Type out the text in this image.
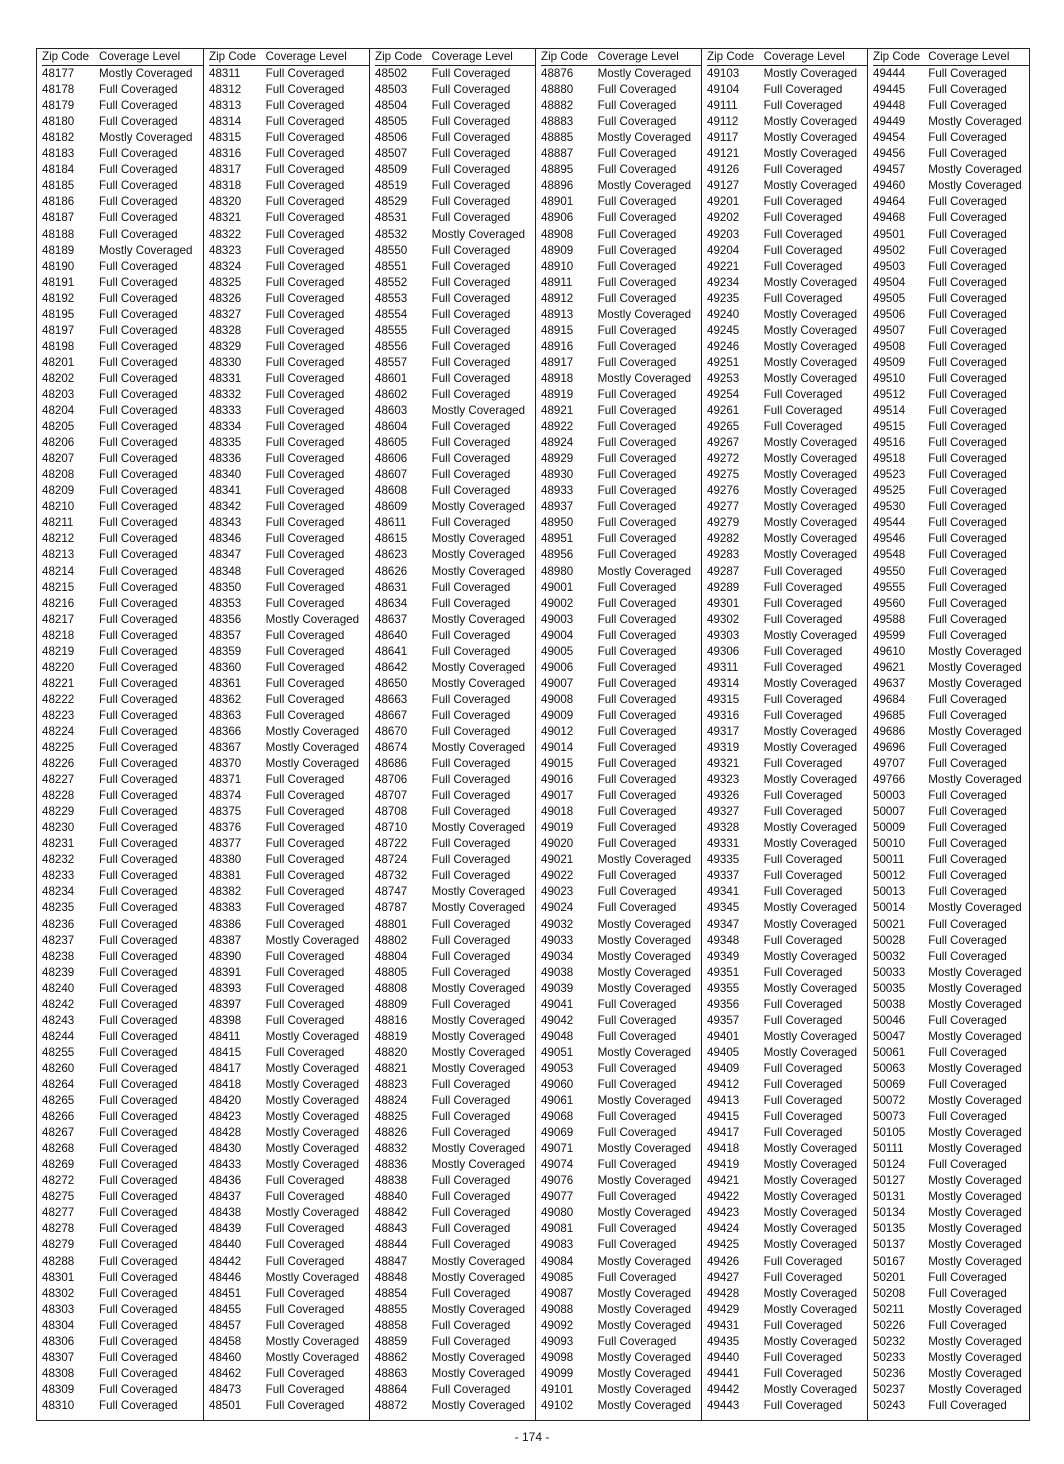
Zip Code Coverage Level
48177	Mostly Coveraged
48178	Full Coveraged
48179	Full Coveraged
48180	Full Coveraged
48182	Mostly Coveraged
48183	Full Coveraged
48184	Full Coveraged
48185	Full Coveraged
48186	Full Coveraged
48187	Full Coveraged
48188	Full Coveraged
48189	Mostly Coveraged
48190	Full Coveraged
48191	Full Coveraged
48192	Full Coveraged
48195	Full Coveraged
48197	Full Coveraged
48198	Full Coveraged
48201	Full Coveraged
48202	Full Coveraged
48203	Full Coveraged
48204	Full Coveraged
48205	Full Coveraged
48206	Full Coveraged
48207	Full Coveraged
48208	Full Coveraged
48209	Full Coveraged
48210	Full Coveraged
48211	Full Coveraged
48212	Full Coveraged
48213	Full Coveraged
48214	Full Coveraged
48215	Full Coveraged
48216	Full Coveraged
48217	Full Coveraged
48218	Full Coveraged
48219	Full Coveraged
48220	Full Coveraged
48221	Full Coveraged
48222	Full Coveraged
48223	Full Coveraged
48224	Full Coveraged
48225	Full Coveraged
48226	Full Coveraged
48227	Full Coveraged
48228	Full Coveraged
48229	Full Coveraged
48230	Full Coveraged
48231	Full Coveraged
48232	Full Coveraged
48233	Full Coveraged
48234	Full Coveraged
48235	Full Coveraged
48236	Full Coveraged
48237	Full Coveraged
48238	Full Coveraged
48239	Full Coveraged
48240	Full Coveraged
48242	Full Coveraged
48243	Full Coveraged
48244	Full Coveraged
48255	Full Coveraged
48260	Full Coveraged
48264	Full Coveraged
48265	Full Coveraged
48266	Full Coveraged
48267	Full Coveraged
48268	Full Coveraged
48269	Full Coveraged
48272	Full Coveraged
48275	Full Coveraged
48277	Full Coveraged
48278	Full Coveraged
48279	Full Coveraged
48288	Full Coveraged
48301	Full Coveraged
48302	Full Coveraged
48303	Full Coveraged
48304	Full Coveraged
48306	Full Coveraged
48307	Full Coveraged
48308	Full Coveraged
48309	Full Coveraged
48310	Full Coveraged
Zip Code Coverage Level
48311	Full Coveraged
48312	Full Coveraged
48313	Full Coveraged
48314	Full Coveraged
48315	Full Coveraged
48316	Full Coveraged
48317	Full Coveraged
48318	Full Coveraged
48320	Full Coveraged
48321	Full Coveraged
48322	Full Coveraged
48323	Full Coveraged
48324	Full Coveraged
48325	Full Coveraged
48326	Full Coveraged
48327	Full Coveraged
48328	Full Coveraged
48329	Full Coveraged
48330	Full Coveraged
48331	Full Coveraged
48332	Full Coveraged
48333	Full Coveraged
48334	Full Coveraged
48335	Full Coveraged
48336	Full Coveraged
48340	Full Coveraged
48341	Full Coveraged
48342	Full Coveraged
48343	Full Coveraged
48346	Full Coveraged
48347	Full Coveraged
48348	Full Coveraged
48350	Full Coveraged
48353	Full Coveraged
48356	Mostly Coveraged
48357	Full Coveraged
48359	Full Coveraged
48360	Full Coveraged
48361	Full Coveraged
48362	Full Coveraged
48363	Full Coveraged
48366	Mostly Coveraged
48367	Mostly Coveraged
48370	Mostly Coveraged
48371	Full Coveraged
48374	Full Coveraged
48375	Full Coveraged
48376	Full Coveraged
48377	Full Coveraged
48380	Full Coveraged
48381	Full Coveraged
48382	Full Coveraged
48383	Full Coveraged
48386	Full Coveraged
48387	Mostly Coveraged
48390	Full Coveraged
48391	Full Coveraged
48393	Full Coveraged
48397	Full Coveraged
48398	Full Coveraged
48411	Mostly Coveraged
48415	Full Coveraged
48417	Mostly Coveraged
48418	Mostly Coveraged
48420	Mostly Coveraged
48423	Mostly Coveraged
48428	Mostly Coveraged
48430	Mostly Coveraged
48433	Mostly Coveraged
48436	Full Coveraged
48437	Full Coveraged
48438	Mostly Coveraged
48439	Full Coveraged
48440	Full Coveraged
48442	Full Coveraged
48446	Mostly Coveraged
48451	Full Coveraged
48455	Full Coveraged
48457	Full Coveraged
48458	Mostly Coveraged
48460	Mostly Coveraged
48462	Full Coveraged
48473	Full Coveraged
48501	Full Coveraged
Zip Code Coverage Level
48502	Full Coveraged
48503	Full Coveraged
48504	Full Coveraged
48505	Full Coveraged
48506	Full Coveraged
48507	Full Coveraged
48509	Full Coveraged
48519	Full Coveraged
48529	Full Coveraged
48531	Full Coveraged
48532	Mostly Coveraged
48550	Full Coveraged
48551	Full Coveraged
48552	Full Coveraged
48553	Full Coveraged
48554	Full Coveraged
48555	Full Coveraged
48556	Full Coveraged
48557	Full Coveraged
48601	Full Coveraged
48602	Full Coveraged
48603	Mostly Coveraged
48604	Full Coveraged
48605	Full Coveraged
48606	Full Coveraged
48607	Full Coveraged
48608	Full Coveraged
48609	Mostly Coveraged
48611	Full Coveraged
48615	Mostly Coveraged
48623	Mostly Coveraged
48626	Mostly Coveraged
48631	Full Coveraged
48634	Full Coveraged
48637	Mostly Coveraged
48640	Full Coveraged
48641	Full Coveraged
48642	Mostly Coveraged
48650	Mostly Coveraged
48663	Full Coveraged
48667	Full Coveraged
48670	Full Coveraged
48674	Mostly Coveraged
48686	Full Coveraged
48706	Full Coveraged
48707	Full Coveraged
48708	Full Coveraged
48710	Mostly Coveraged
48722	Full Coveraged
48724	Full Coveraged
48732	Full Coveraged
48747	Mostly Coveraged
48787	Mostly Coveraged
48801	Full Coveraged
48802	Full Coveraged
48804	Full Coveraged
48805	Full Coveraged
48808	Mostly Coveraged
48809	Full Coveraged
48816	Mostly Coveraged
48819	Mostly Coveraged
48820	Mostly Coveraged
48821	Mostly Coveraged
48823	Full Coveraged
48824	Full Coveraged
48825	Full Coveraged
48826	Full Coveraged
48832	Mostly Coveraged
48836	Mostly Coveraged
48838	Full Coveraged
48840	Full Coveraged
48842	Full Coveraged
48843	Full Coveraged
48844	Full Coveraged
48847	Mostly Coveraged
48848	Mostly Coveraged
48854	Full Coveraged
48855	Mostly Coveraged
48858	Full Coveraged
48859	Full Coveraged
48862	Mostly Coveraged
48863	Mostly Coveraged
48864	Full Coveraged
48872	Mostly Coveraged
Zip Code Coverage Level
48876	Mostly Coveraged
48880	Full Coveraged
48882	Full Coveraged
48883	Full Coveraged
48885	Mostly Coveraged
48887	Full Coveraged
48895	Full Coveraged
48896	Mostly Coveraged
48901	Full Coveraged
48906	Full Coveraged
48908	Full Coveraged
48909	Full Coveraged
48910	Full Coveraged
48911	Full Coveraged
48912	Full Coveraged
48913	Mostly Coveraged
48915	Full Coveraged
48916	Full Coveraged
48917	Full Coveraged
48918	Mostly Coveraged
48919	Full Coveraged
48921	Full Coveraged
48922	Full Coveraged
48924	Full Coveraged
48929	Full Coveraged
48930	Full Coveraged
48933	Full Coveraged
48937	Full Coveraged
48950	Full Coveraged
48951	Full Coveraged
48956	Full Coveraged
48980	Mostly Coveraged
49001	Full Coveraged
49002	Full Coveraged
49003	Full Coveraged
49004	Full Coveraged
49005	Full Coveraged
49006	Full Coveraged
49007	Full Coveraged
49008	Full Coveraged
49009	Full Coveraged
49012	Full Coveraged
49014	Full Coveraged
49015	Full Coveraged
49016	Full Coveraged
49017	Full Coveraged
49018	Full Coveraged
49019	Full Coveraged
49020	Full Coveraged
49021	Mostly Coveraged
49022	Full Coveraged
49023	Full Coveraged
49024	Full Coveraged
49032	Mostly Coveraged
49033	Mostly Coveraged
49034	Mostly Coveraged
49038	Mostly Coveraged
49039	Mostly Coveraged
49041	Full Coveraged
49042	Full Coveraged
49048	Full Coveraged
49051	Mostly Coveraged
49053	Full Coveraged
49060	Full Coveraged
49061	Mostly Coveraged
49068	Full Coveraged
49069	Full Coveraged
49071	Mostly Coveraged
49074	Full Coveraged
49076	Mostly Coveraged
49077	Full Coveraged
49080	Mostly Coveraged
49081	Full Coveraged
49083	Full Coveraged
49084	Mostly Coveraged
49085	Full Coveraged
49087	Mostly Coveraged
49088	Mostly Coveraged
49092	Mostly Coveraged
49093	Full Coveraged
49098	Mostly Coveraged
49099	Mostly Coveraged
49101	Mostly Coveraged
49102	Mostly Coveraged
Zip Code Coverage Level
49103	Mostly Coveraged
49104	Full Coveraged
49111	Full Coveraged
49112	Mostly Coveraged
49117	Mostly Coveraged
49121	Mostly Coveraged
49126	Full Coveraged
49127	Mostly Coveraged
49201	Full Coveraged
49202	Full Coveraged
49203	Full Coveraged
49204	Full Coveraged
49221	Full Coveraged
49234	Mostly Coveraged
49235	Full Coveraged
49240	Mostly Coveraged
49245	Mostly Coveraged
49246	Mostly Coveraged
49251	Mostly Coveraged
49253	Mostly Coveraged
49254	Full Coveraged
49261	Full Coveraged
49265	Full Coveraged
49267	Mostly Coveraged
49272	Mostly Coveraged
49275	Mostly Coveraged
49276	Mostly Coveraged
49277	Mostly Coveraged
49279	Mostly Coveraged
49282	Mostly Coveraged
49283	Mostly Coveraged
49287	Full Coveraged
49289	Full Coveraged
49301	Full Coveraged
49302	Full Coveraged
49303	Mostly Coveraged
49306	Full Coveraged
49311	Full Coveraged
49314	Mostly Coveraged
49315	Full Coveraged
49316	Full Coveraged
49317	Mostly Coveraged
49319	Mostly Coveraged
49321	Full Coveraged
49323	Mostly Coveraged
49326	Full Coveraged
49327	Full Coveraged
49328	Mostly Coveraged
49331	Mostly Coveraged
49335	Full Coveraged
49337	Full Coveraged
49341	Full Coveraged
49345	Mostly Coveraged
49347	Mostly Coveraged
49348	Full Coveraged
49349	Mostly Coveraged
49351	Full Coveraged
49355	Mostly Coveraged
49356	Full Coveraged
49357	Full Coveraged
49401	Mostly Coveraged
49405	Mostly Coveraged
49409	Full Coveraged
49412	Full Coveraged
49413	Full Coveraged
49415	Full Coveraged
49417	Full Coveraged
49418	Mostly Coveraged
49419	Mostly Coveraged
49421	Mostly Coveraged
49422	Mostly Coveraged
49423	Mostly Coveraged
49424	Mostly Coveraged
49425	Mostly Coveraged
49426	Full Coveraged
49427	Full Coveraged
49428	Mostly Coveraged
49429	Mostly Coveraged
49431	Full Coveraged
49435	Mostly Coveraged
49440	Full Coveraged
49441	Full Coveraged
49442	Mostly Coveraged
49443	Full Coveraged
Zip Code Coverage Level
49444	Full Coveraged
49445	Full Coveraged
49448	Full Coveraged
49449	Mostly Coveraged
49454	Full Coveraged
49456	Full Coveraged
49457	Mostly Coveraged
49460	Mostly Coveraged
49464	Full Coveraged
49468	Full Coveraged
49501	Full Coveraged
49502	Full Coveraged
49503	Full Coveraged
49504	Full Coveraged
49505	Full Coveraged
49506	Full Coveraged
49507	Full Coveraged
49508	Full Coveraged
49509	Full Coveraged
49510	Full Coveraged
49512	Full Coveraged
49514	Full Coveraged
49515	Full Coveraged
49516	Full Coveraged
49518	Full Coveraged
49523	Full Coveraged
49525	Full Coveraged
49530	Full Coveraged
49544	Full Coveraged
49546	Full Coveraged
49548	Full Coveraged
49550	Full Coveraged
49555	Full Coveraged
49560	Full Coveraged
49588	Full Coveraged
49599	Full Coveraged
49610	Mostly Coveraged
49621	Mostly Coveraged
49637	Mostly Coveraged
49684	Full Coveraged
49685	Full Coveraged
49686	Mostly Coveraged
49696	Full Coveraged
49707	Full Coveraged
49766	Mostly Coveraged
50003	Full Coveraged
50007	Full Coveraged
50009	Full Coveraged
50010	Full Coveraged
50011	Full Coveraged
50012	Full Coveraged
50013	Full Coveraged
50014	Mostly Coveraged
50021	Full Coveraged
50028	Full Coveraged
50032	Full Coveraged
50033	Mostly Coveraged
50035	Mostly Coveraged
50038	Mostly Coveraged
50046	Full Coveraged
50047	Mostly Coveraged
50061	Full Coveraged
50063	Mostly Coveraged
50069	Full Coveraged
50072	Mostly Coveraged
50073	Full Coveraged
50105	Mostly Coveraged
50111	Mostly Coveraged
50124	Full Coveraged
50127	Mostly Coveraged
50131	Mostly Coveraged
50134	Mostly Coveraged
50135	Mostly Coveraged
50137	Mostly Coveraged
50167	Mostly Coveraged
50201	Full Coveraged
50208	Full Coveraged
50211	Mostly Coveraged
50226	Full Coveraged
50232	Mostly Coveraged
50233	Mostly Coveraged
50236	Mostly Coveraged
50237	Mostly Coveraged
50243	Full Coveraged
- 174 -
